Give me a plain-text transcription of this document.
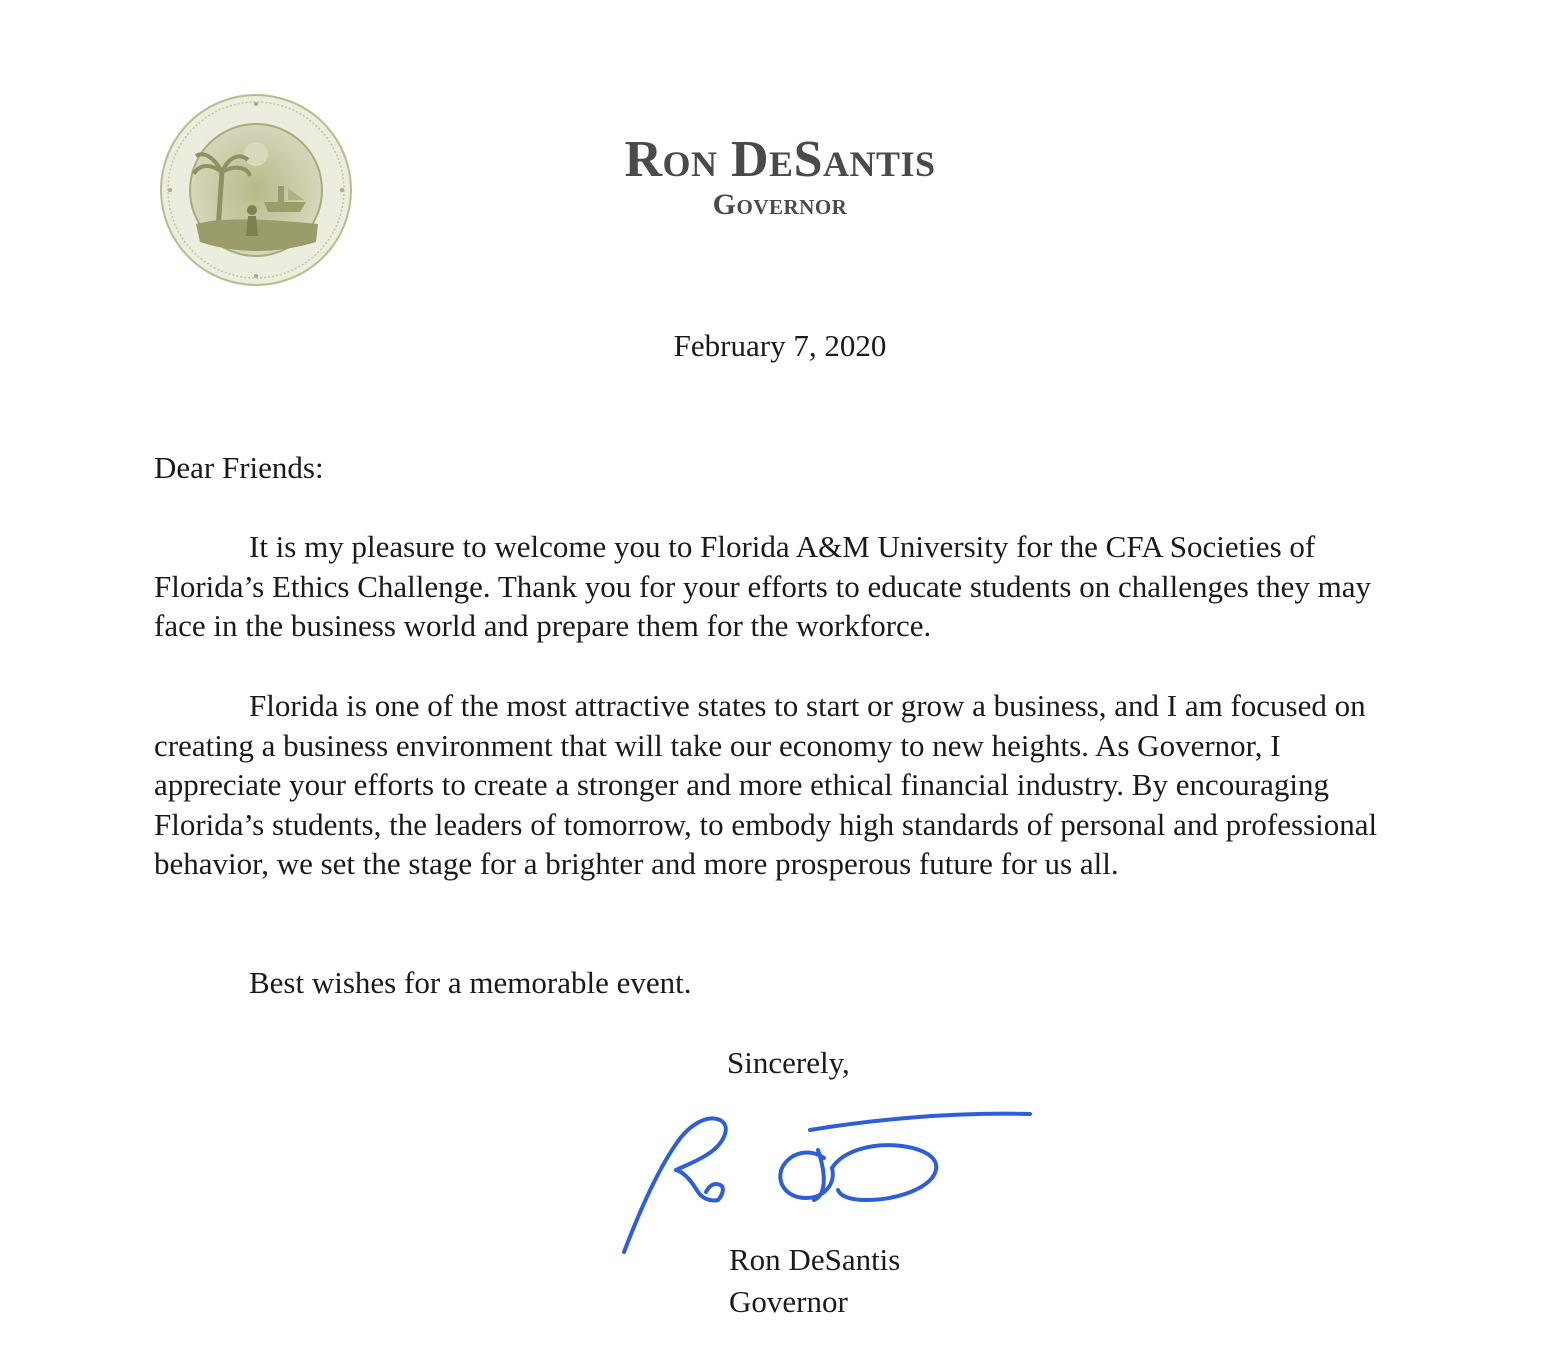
Ron DeSantis
Governor
February 7, 2020
Dear Friends:

It is my pleasure to welcome you to Florida A&M University for the CFA Societies of Florida’s Ethics Challenge. Thank you for your efforts to educate students on challenges they may face in the business world and prepare them for the workforce.

Florida is one of the most attractive states to start or grow a business, and I am focused on creating a business environment that will take our economy to new heights. As Governor, I appreciate your efforts to create a stronger and more ethical financial industry. By encouraging Florida’s students, the leaders of tomorrow, to embody high standards of personal and professional behavior, we set the stage for a brighter and more prosperous future for us all.

Best wishes for a memorable event.

Sincerely,
Ron DeSantis
Governor
